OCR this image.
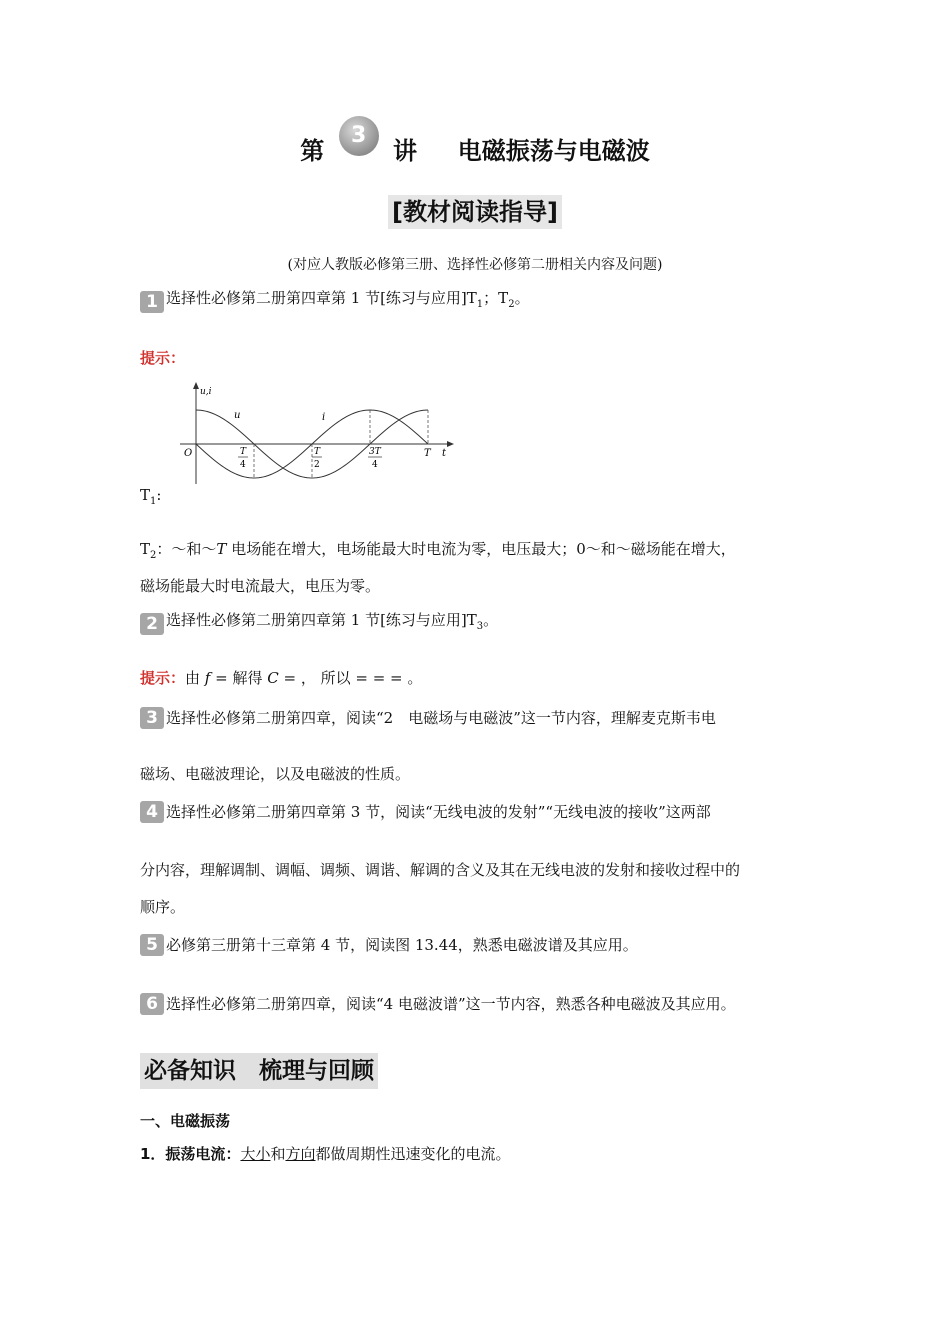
第 3 讲 电磁振荡与电磁波
[教材阅读指导]
(对应人教版必修第三册、选择性必修第二册相关内容及问题)
1 选择性必修第二册第四章第 1 节[练习与应用]$T_1$；$T_2$。
提示：
u,i
u	i
O	t
T
T
4
T
2
3T
4
$T_1$:
$T_2$：～和～T 电场能在增大，电场能最大时电流为零，电压最大；0～和～磁场能在增大，
磁场能最大时电流最大，电压为零。
2 选择性必修第二册第四章第 1 节[练习与应用]$T_3$。
提示：由 f = 解得 C = ， 所以 = = = 。
3 选择性必修第二册第四章，阅读“2　电磁场与电磁波”这一节内容，理解麦克斯韦电
磁场、电磁波理论，以及电磁波的性质。
4 选择性必修第二册第四章第 3 节，阅读“无线电波的发射”“无线电波的接收”这两部
分内容，理解调制、调幅、调频、调谐、解调的含义及其在无线电波的发射和接收过程中的
顺序。
5 必修第三册第十三章第 4 节，阅读图 13.44，熟悉电磁波谱及其应用。
6 选择性必修第二册第四章，阅读“4 电磁波谱”这一节内容，熟悉各种电磁波及其应用。
必备知识　梳理与回顾
一、电磁振荡
1．振荡电流：大小和方向都做周期性迅速变化的电流。
